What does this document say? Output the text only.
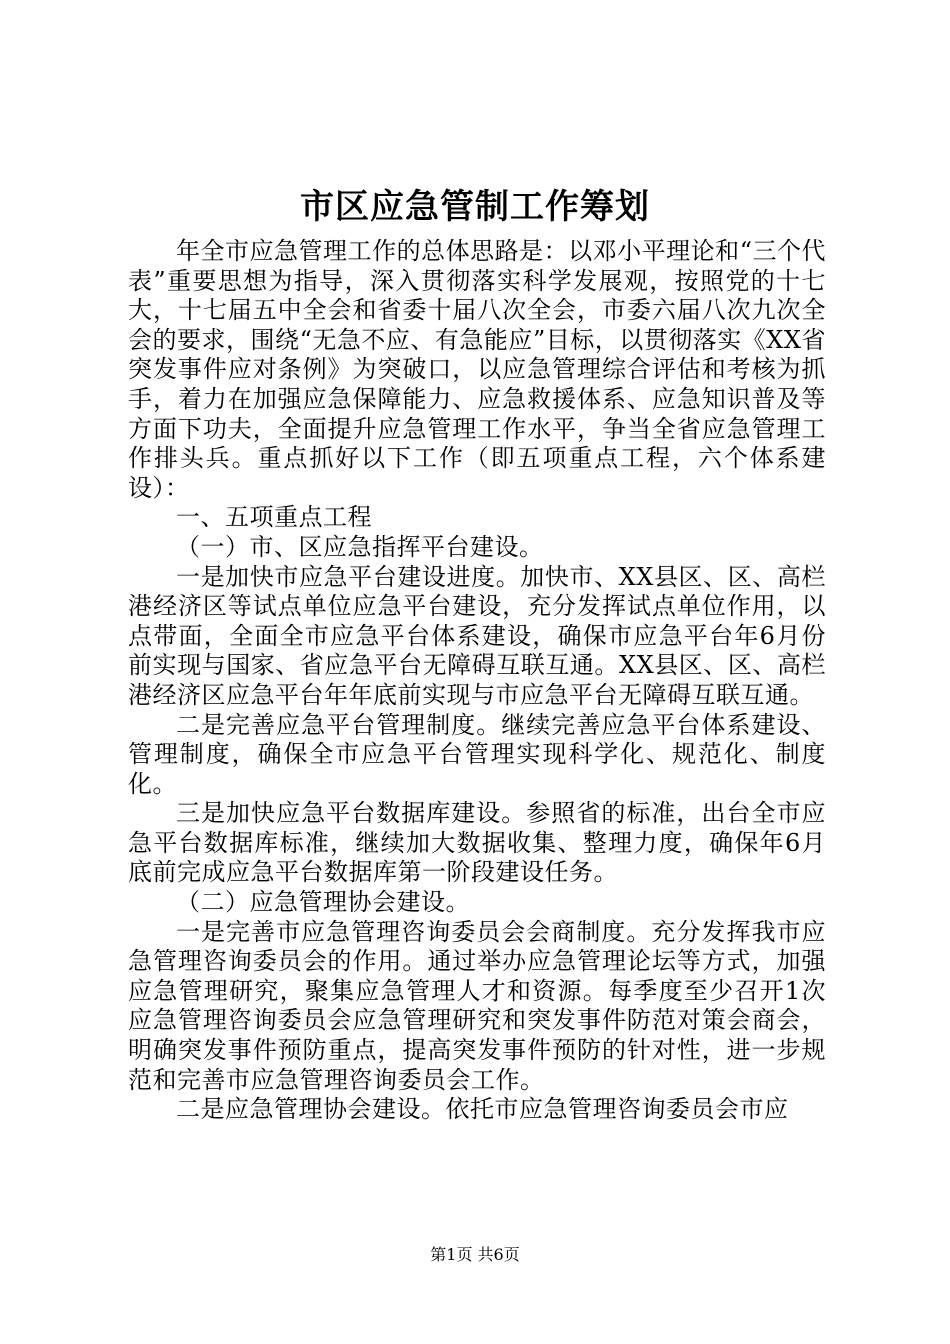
市区应急管制工作筹划

年全市应急管理工作的总体思路是：以邓小平理论和“三个代表”重要思想为指导，深入贯彻落实科学发展观，按照党的十七大，十七届五中全会和省委十届八次全会，市委六届八次九次全会的要求，围绕“无急不应、有急能应”目标，以贯彻落实《XX省突发事件应对条例》为突破口，以应急管理综合评估和考核为抓手，着力在加强应急保障能力、应急救援体系、应急知识普及等方面下功夫，全面提升应急管理工作水平，争当全省应急管理工作排头兵。重点抓好以下工作（即五项重点工程，六个体系建设）：

一、五项重点工程

（一）市、区应急指挥平台建设。

一是加快市应急平台建设进度。加快市、XX县区、区、高栏港经济区等试点单位应急平台建设，充分发挥试点单位作用，以点带面，全面全市应急平台体系建设，确保市应急平台年6月份前实现与国家、省应急平台无障碍互联互通。XX县区、区、高栏港经济区应急平台年年底前实现与市应急平台无障碍互联互通。

二是完善应急平台管理制度。继续完善应急平台体系建设、管理制度，确保全市应急平台管理实现科学化、规范化、制度化。

三是加快应急平台数据库建设。参照省的标准，出台全市应急平台数据库标准，继续加大数据收集、整理力度，确保年6月底前完成应急平台数据库第一阶段建设任务。

（二）应急管理协会建设。

一是完善市应急管理咨询委员会会商制度。充分发挥我市应急管理咨询委员会的作用。通过举办应急管理论坛等方式，加强应急管理研究，聚集应急管理人才和资源。每季度至少召开1次应急管理咨询委员会应急管理研究和突发事件防范对策会商会，明确突发事件预防重点，提高突发事件预防的针对性，进一步规范和完善市应急管理咨询委员会工作。

二是应急管理协会建设。依托市应急管理咨询委员会市应

第1页 共6页
